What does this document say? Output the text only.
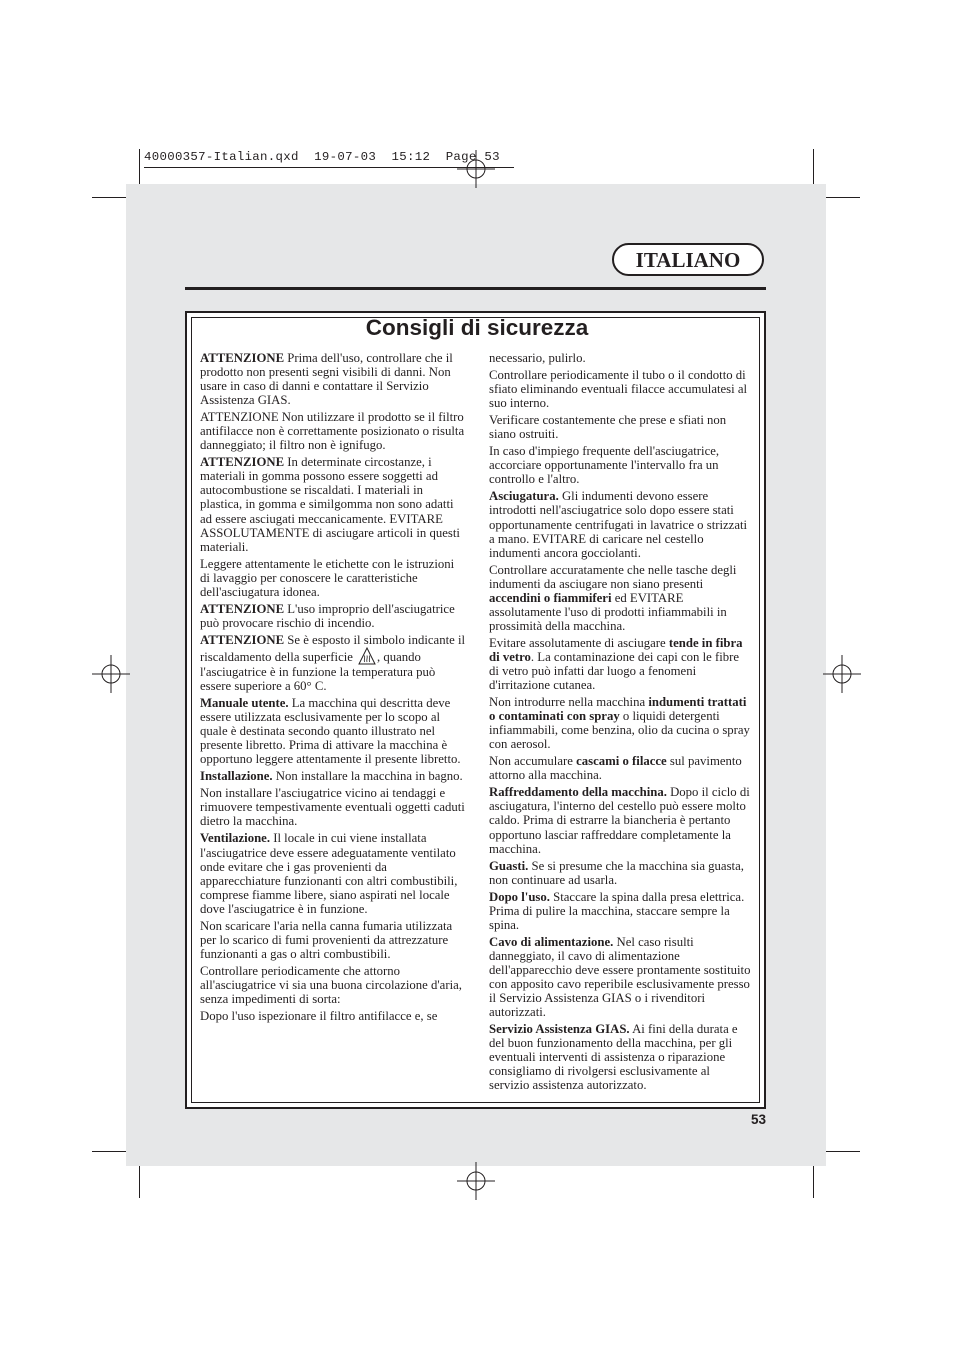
40000357-Italian.qxd  19-07-03  15:12  Page 53
ITALIANO
Consigli di sicurezza

ATTENZIONE Prima dell'uso, controllare che il prodotto non presenti segni visibili di danni. Non usare in caso di danni e contattare il Servizio Assistenza GIAS.

ATTENZIONE Non utilizzare il prodotto se il filtro antifilacce non è correttamente posizionato o risulta danneggiato; il filtro non è ignifugo.

ATTENZIONE In determinate circostanze, i materiali in gomma possono essere soggetti ad autocombustione se riscaldati. I materiali in plastica, in gomma e similgomma non sono adatti ad essere asciugati meccanicamente. EVITARE ASSOLUTAMENTE di asciugare articoli in questi materiali.

Leggere attentamente le etichette con le istruzioni di lavaggio per conoscere le caratteristiche dell'asciugatura idonea.

ATTENZIONE L'uso improprio dell'asciugatrice può provocare rischio di incendio.

ATTENZIONE Se è esposto il simbolo indicante il riscaldamento della superficie , quando l'asciugatrice è in funzione la temperatura può essere superiore a 60° C.

Manuale utente. La macchina qui descritta deve essere utilizzata esclusivamente per lo scopo al quale è destinata secondo quanto illustrato nel presente libretto. Prima di attivare la macchina è opportuno leggere attentamente il presente libretto.

Installazione. Non installare la macchina in bagno.

Non installare l'asciugatrice vicino ai tendaggi e rimuovere tempestivamente eventuali oggetti caduti dietro la macchina.

Ventilazione. Il locale in cui viene installata l'asciugatrice deve essere adeguatamente ventilato onde evitare che i gas provenienti da apparecchiature funzionanti con altri combustibili, comprese fiamme libere, siano aspirati nel locale dove l'asciugatrice è in funzione.

Non scaricare l'aria nella canna fumaria utilizzata per lo scarico di fumi provenienti da attrezzature funzionanti a gas o altri combustibili.

Controllare periodicamente che attorno all'asciugatrice vi sia una buona circolazione d'aria, senza impedimenti di sorta:

Dopo l'uso ispezionare il filtro antifilacce e, se

necessario, pulirlo.

Controllare periodicamente il tubo o il condotto di sfiato eliminando eventuali filacce accumulatesi al suo interno.

Verificare costantemente che prese e sfiati non siano ostruiti.

In caso d'impiego frequente dell'asciugatrice, accorciare opportunamente l'intervallo fra un controllo e l'altro.

Asciugatura. Gli indumenti devono essere introdotti nell'asciugatrice solo dopo essere stati opportunamente centrifugati in lavatrice o strizzati a mano. EVITARE di caricare nel cestello indumenti ancora gocciolanti.

Controllare accuratamente che nelle tasche degli indumenti da asciugare non siano presenti accendini o fiammiferi ed EVITARE assolutamente l'uso di prodotti infiammabili in prossimità della macchina.

Evitare assolutamente di asciugare tende in fibra di vetro. La contaminazione dei capi con le fibre di vetro può infatti dar luogo a fenomeni d'irritazione cutanea.

Non introdurre nella macchina indumenti trattati o contaminati con spray o liquidi detergenti infiammabili, come benzina, olio da cucina o spray con aerosol.

Non accumulare cascami o filacce sul pavimento attorno alla macchina.

Raffreddamento della macchina. Dopo il ciclo di asciugatura, l'interno del cestello può essere molto caldo. Prima di estrarre la biancheria è pertanto opportuno lasciar raffreddare completamente la macchina.

Guasti. Se si presume che la macchina sia guasta, non continuare ad usarla.

Dopo l'uso. Staccare la spina dalla presa elettrica. Prima di pulire la macchina, staccare sempre la spina.

Cavo di alimentazione. Nel caso risulti danneggiato, il cavo di alimentazione dell'apparecchio deve essere prontamente sostituito con apposito cavo reperibile esclusivamente presso il Servizio Assistenza GIAS o i rivenditori autorizzati.

Servizio Assistenza GIAS. Ai fini della durata e del buon funzionamento della macchina, per gli eventuali interventi di assistenza o riparazione consigliamo di rivolgersi esclusivamente al servizio assistenza autorizzato.

53
